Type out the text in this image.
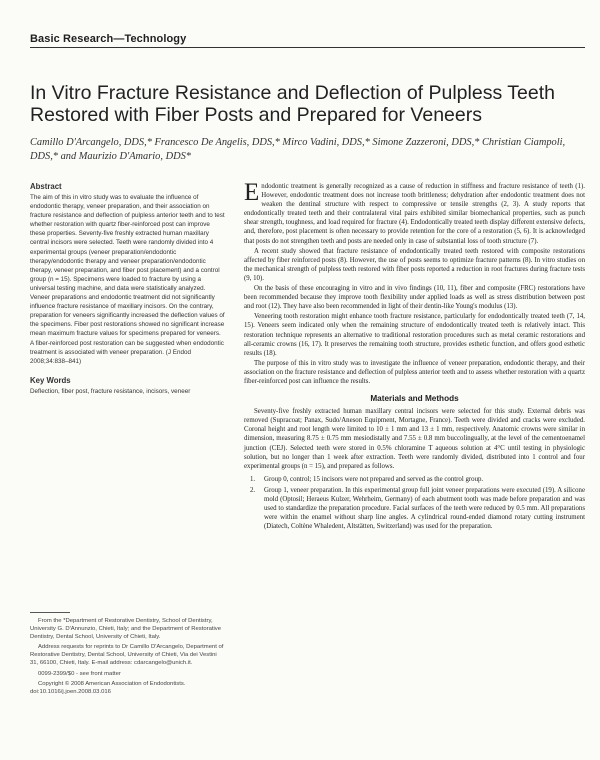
Basic Research—Technology
In Vitro Fracture Resistance and Deflection of Pulpless Teeth Restored with Fiber Posts and Prepared for Veneers
Camillo D'Arcangelo, DDS,* Francesco De Angelis, DDS,* Mirco Vadini, DDS,* Simone Zazzeroni, DDS,* Christian Ciampoli, DDS,* and Maurizio D'Amario, DDS*
Abstract

The aim of this in vitro study was to evaluate the influence of endodontic therapy, veneer preparation, and their association on fracture resistance and deflection of pulpless anterior teeth and to test whether restoration with quartz fiber-reinforced post can improve these properties. Seventy-five freshly extracted human maxillary central incisors were selected. Teeth were randomly divided into 4 experimental groups (veneer preparation/endodontic therapy/endodontic therapy and veneer preparation/endodontic therapy, veneer preparation, and fiber post placement) and a control group (n = 15). Specimens were loaded to fracture by using a universal testing machine, and data were statistically analyzed. Veneer preparations and endodontic treatment did not significantly influence fracture resistance of maxillary incisors. On the contrary, preparation for veneers significantly increased the deflection values of the specimens. Fiber post restorations showed no significant increase mean maximum fracture values for specimens prepared for veneers. A fiber-reinforced post restoration can be suggested when endodontic treatment is associated with veneer preparation. (J Endod 2008;34:838–841)

Key Words

Deflection, fiber post, fracture resistance, incisors, veneer

From the *Department of Restorative Dentistry, School of Dentistry, University G. D'Annunzio, Chieti, Italy; and the Department of Restorative Dentistry, Dental School, University of Chieti, Italy.

Address requests for reprints to Dr Camillo D'Arcangelo, Department of Restorative Dentistry, Dental School, University of Chieti, Via dei Vestini 31, 66100, Chieti, Italy. E-mail address: cdarcangelo@unich.it.

0099-2399/$0 - see front matter

Copyright © 2008 American Association of Endodontists. doi:10.1016/j.joen.2008.03.016

Endodontic treatment is generally recognized as a cause of reduction in stiffness and fracture resistance of teeth (1). However, endodontic treatment does not increase tooth brittleness; dehydration after endodontic treatment does not weaken the dentinal structure with respect to compressive or tensile strengths (2, 3). A study reports that endodontically treated teeth and their contralateral vital pairs exhibited similar biomechanical properties, such as punch shear strength, toughness, and load required for fracture (4). Endodontically treated teeth display different extensive defects, and, therefore, post placement is often necessary to provide retention for the core of a restoration (5, 6). It is acknowledged that posts do not strengthen teeth and posts are needed only in case of substantial loss of tooth structure (7).

A recent study showed that fracture resistance of endodontically treated teeth restored with composite restorations affected by fiber reinforced posts (8). However, the use of posts seems to optimize fracture patterns (8). In vitro studies on the mechanical strength of pulpless teeth restored with fiber posts reported a reduction in root fractures during fracture tests (9, 10).

On the basis of these encouraging in vitro and in vivo findings (10, 11), fiber and composite (FRC) restorations have been recommended because they improve tooth flexibility under applied loads as well as stress distribution between post and root (12). They have also been recommended in light of their dentin-like Young's modulus (13).

Veneering tooth restoration might enhance tooth fracture resistance, particularly for endodontically treated teeth (7, 14, 15). Veneers seem indicated only when the remaining structure of endodontically treated teeth is relatively intact. This restoration technique represents an alternative to traditional restoration procedures such as metal ceramic restorations and all-ceramic crowns (16, 17). It preserves the remaining tooth structure, provides esthetic function, and offers good esthetic results (18).

The purpose of this in vitro study was to investigate the influence of veneer preparation, endodontic therapy, and their association on the fracture resistance and deflection of pulpless anterior teeth and to assess whether restoration with a quartz fiber-reinforced post can influence the results.

Materials and Methods

Seventy-five freshly extracted human maxillary central incisors were selected for this study. External debris was removed (Supracoat; Panax, Sudo/Aneson Equipment, Mortagne, France). Teeth were divided and cracks were excluded. Coronal height and root length were limited to 10 ± 1 mm and 13 ± 1 mm, respectively. Anatomic crowns were similar in dimension, measuring 8.75 ± 0.75 mm mesiodistally and 7.55 ± 0.8 mm buccolingually, at the level of the cementoenamel junction (CEJ). Selected teeth were stored in 0.5% chloramine T aqueous solution at 4°C until testing in physiologic solution, but no longer than 1 week after extraction. Teeth were randomly divided, distributed into 1 control and four experimental groups (n = 15), and prepared as follows.

1. Group 0, control; 15 incisors were not prepared and served as the control group.
2. Group 1, veneer preparation. In this experimental group full joint veneer preparations were executed (19). A silicone mold (Optosil; Heraeus Kulzer, Wehrheim, Germany) of each abutment tooth was made before preparation and was used to standardize the preparation procedure. Facial surfaces of the teeth were reduced by 0.5 mm. All preparations were within the enamel without sharp line angles. A cylindrical round-ended diamond rotary cutting instrument (Diatech, Coltène Whaledent, Altstätten, Switzerland) was used for the preparation.
